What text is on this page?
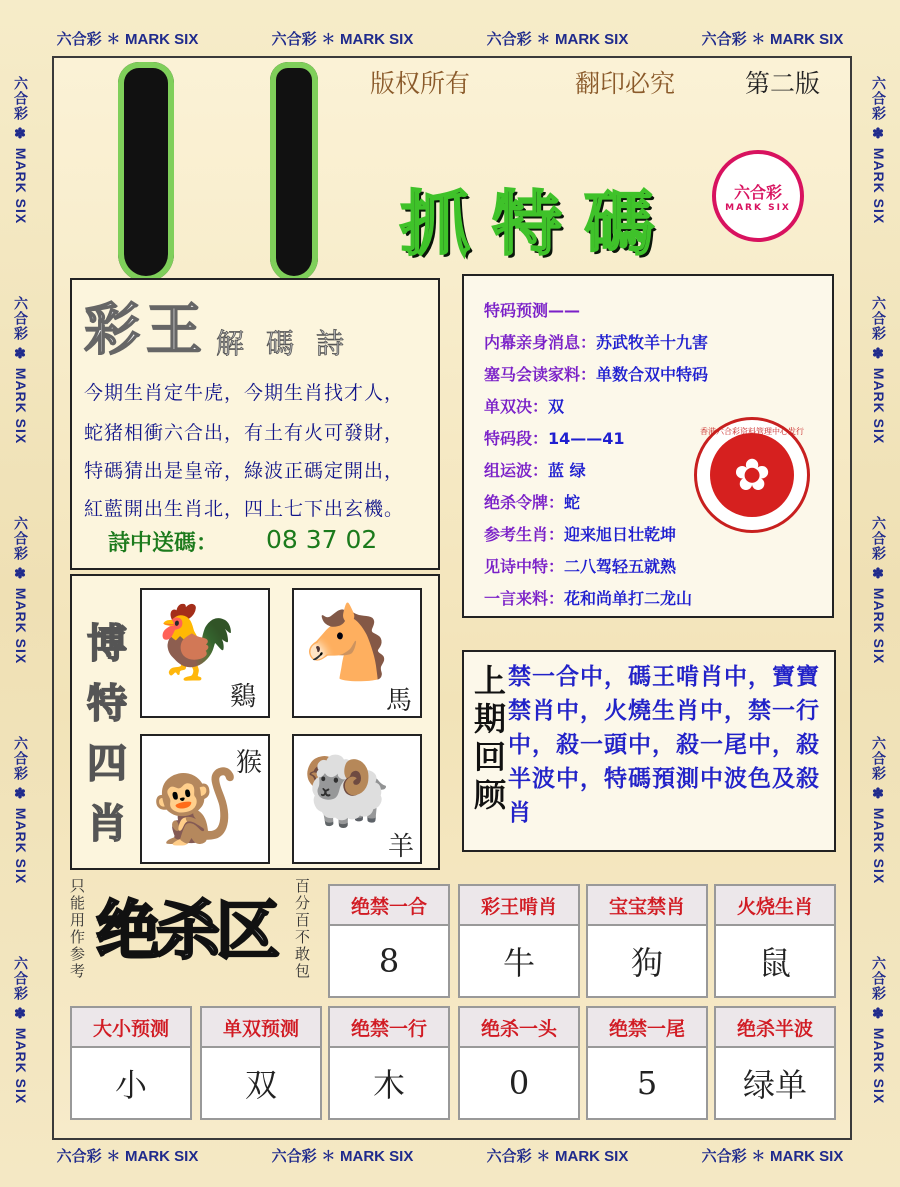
六合彩 ✽ MARK SIX	六合彩 ✽ MARK SIX	六合彩 ✽ MARK SIX	六合彩 ✽ MARK SIX
六合彩 ✽ MARK SIX	六合彩 ✽ MARK SIX	六合彩 ✽ MARK SIX	六合彩 ✽ MARK SIX
六合彩 ✽ MARK SIX
六合彩 ✽ MARK SIX
六合彩 ✽ MARK SIX
六合彩 ✽ MARK SIX
六合彩 ✽ MARK SIX
六合彩 ✽ MARK SIX
六合彩 ✽ MARK SIX
六合彩 ✽ MARK SIX
六合彩 ✽ MARK SIX
六合彩 ✽ MARK SIX
版权所有	翻印必究	第二版
抓特碼	六合彩
MARK SIX
彩王 解碼詩
今期生肖定牛虎，今期生肖找才人，
蛇猪相衝六合出，有土有火可發財，
特碼猜出是皇帝，綠波正碼定開出，
紅藍開出生肖北，四上七下出玄機。
詩中送碼： 08 37 02
特码预测——
内幕亲身消息：苏武牧羊十九害
塞马会读家料：单数合双中特码
单双决：双
特码段：14——41
组运波：蓝 绿
绝杀令牌：蛇
参考生肖：迎来旭日壮乾坤
见诗中特：二八驾轻五就熟
一言来料：花和尚单打二龙山
香港六合彩资料管理中心发行
✿
博特四肖
🐓
鷄
🐴
馬
🐒
猴 🐏
羊
上期回顾
禁一合中，碼王啃肖中，寶寶禁肖中，火燒生肖中，禁一行中，殺一頭中，殺一尾中，殺半波中，特碼預測中波色及殺肖
只能用作参考
绝杀区
百分百不敢包
绝禁一合
8
彩王啃肖
牛
宝宝禁肖
狗
火烧生肖
鼠
大小预测
小
单双预测
双
绝禁一行
木
绝杀一头
0
绝禁一尾
5
绝杀半波
绿单
